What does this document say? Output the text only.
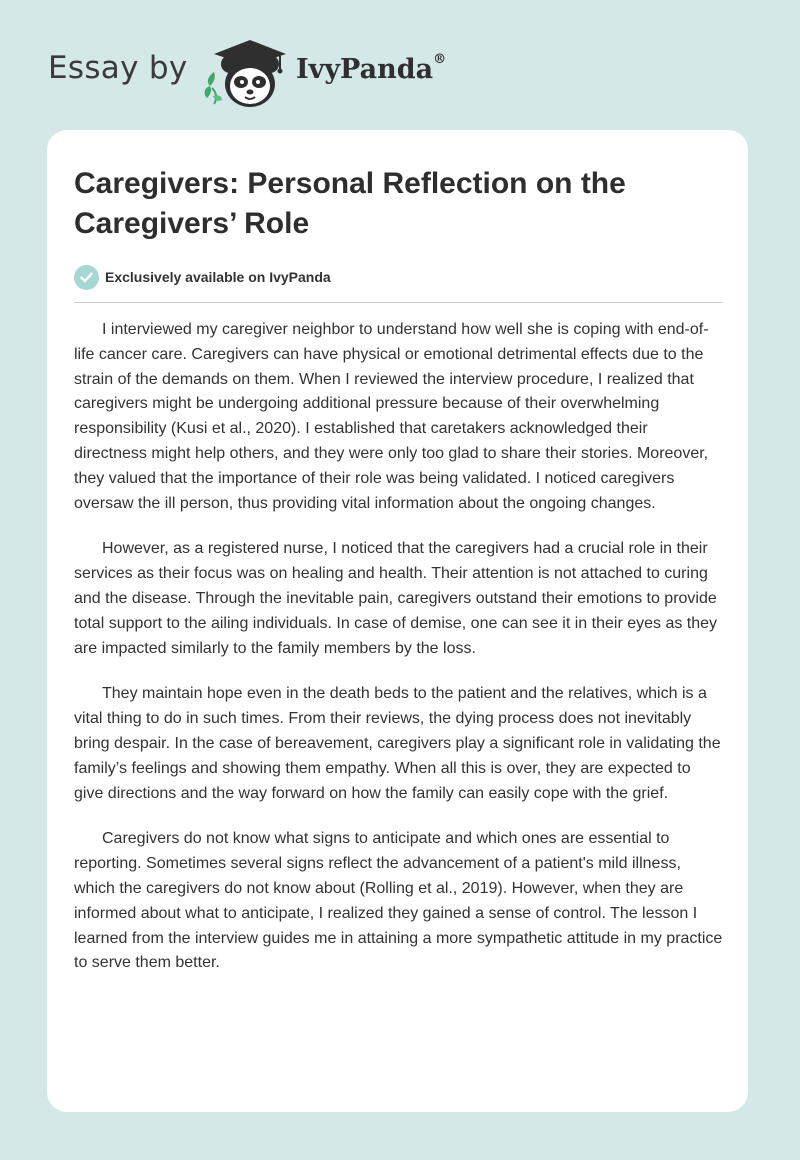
Essay by	IvyPanda®
Caregivers: Personal Reflection on the Caregivers’ Role
Exclusively available on IvyPanda

I interviewed my caregiver neighbor to understand how well she is coping with end-of-life cancer care. Caregivers can have physical or emotional detrimental effects due to the strain of the demands on them. When I reviewed the interview procedure, I realized that caregivers might be undergoing additional pressure because of their overwhelming responsibility (Kusi et al., 2020). I established that caretakers acknowledged their directness might help others, and they were only too glad to share their stories. Moreover, they valued that the importance of their role was being validated. I noticed caregivers oversaw the ill person, thus providing vital information about the ongoing changes.

However, as a registered nurse, I noticed that the caregivers had a crucial role in their services as their focus was on healing and health. Their attention is not attached to curing and the disease. Through the inevitable pain, caregivers outstand their emotions to provide total support to the ailing individuals. In case of demise, one can see it in their eyes as they are impacted similarly to the family members by the loss.

They maintain hope even in the death beds to the patient and the relatives, which is a vital thing to do in such times. From their reviews, the dying process does not inevitably bring despair. In the case of bereavement, caregivers play a significant role in validating the family’s feelings and showing them empathy. When all this is over, they are expected to give directions and the way forward on how the family can easily cope with the grief.

Caregivers do not know what signs to anticipate and which ones are essential to reporting. Sometimes several signs reflect the advancement of a patient's mild illness, which the caregivers do not know about (Rolling et al., 2019). However, when they are informed about what to anticipate, I realized they gained a sense of control. The lesson I learned from the interview guides me in attaining a more sympathetic attitude in my practice to serve them better.
